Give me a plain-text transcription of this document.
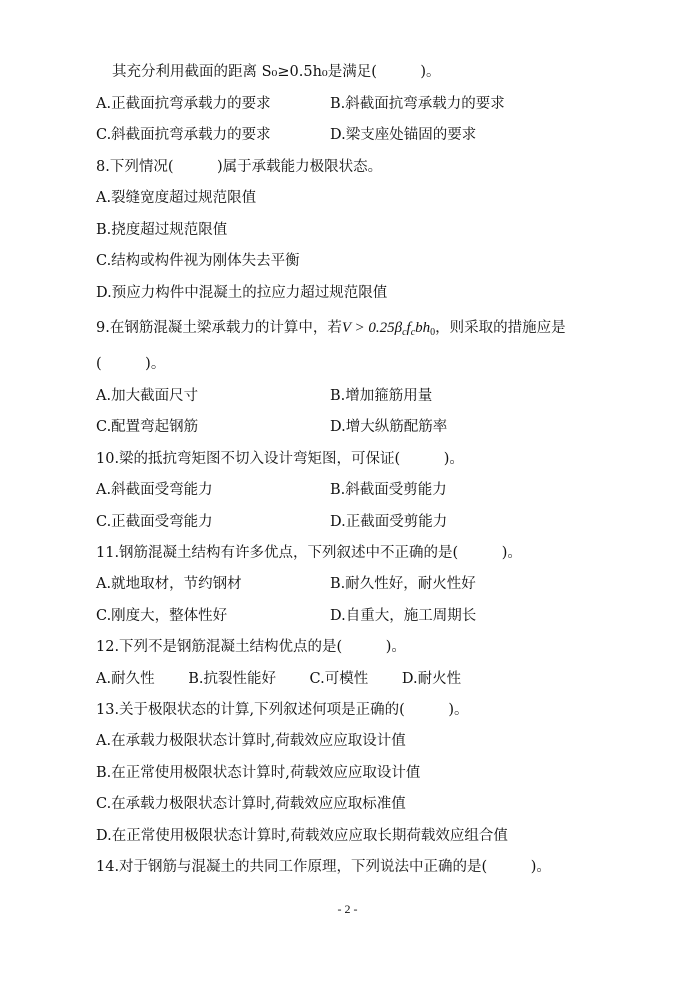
其充分利用截面的距离 S₀≥0.5h₀是满足(　　　)。
A.正截面抗弯承载力的要求	B.斜截面抗弯承载力的要求
C.斜截面抗弯承载力的要求	D.梁支座处锚固的要求
8.下列情况(　　　)属于承载能力极限状态。
A.裂缝宽度超过规范限值
B.挠度超过规范限值
C.结构或构件视为刚体失去平衡
D.预应力构件中混凝土的拉应力超过规范限值
9.在钢筋混凝土梁承载力的计算中，若$V > 0.25\beta_cf_cbh_0$，则采取的措施应是
(　　　)。
A.加大截面尺寸	B.增加箍筋用量
C.配置弯起钢筋	D.增大纵筋配筋率
10.梁的抵抗弯矩图不切入设计弯矩图，可保证(　　　)。
A.斜截面受弯能力	B.斜截面受剪能力
C.正截面受弯能力	D.正截面受剪能力
11.钢筋混凝土结构有许多优点，下列叙述中不正确的是(　　　)。
A.就地取材，节约钢材	B.耐久性好，耐火性好
C.刚度大，整体性好	D.自重大，施工周期长
12.下列不是钢筋混凝土结构优点的是(　　　)。
A.耐久性　　 B.抗裂性能好　　 C.可模性　　 D.耐火性
13.关于极限状态的计算,下列叙述何项是正确的(　　　)。
A.在承载力极限状态计算时,荷载效应应取设计值
B.在正常使用极限状态计算时,荷载效应应取设计值
C.在承载力极限状态计算时,荷载效应应取标准值
D.在正常使用极限状态计算时,荷载效应应取长期荷载效应组合值
14.对于钢筋与混凝土的共同工作原理，下列说法中正确的是(　　　)。
- 2 -
